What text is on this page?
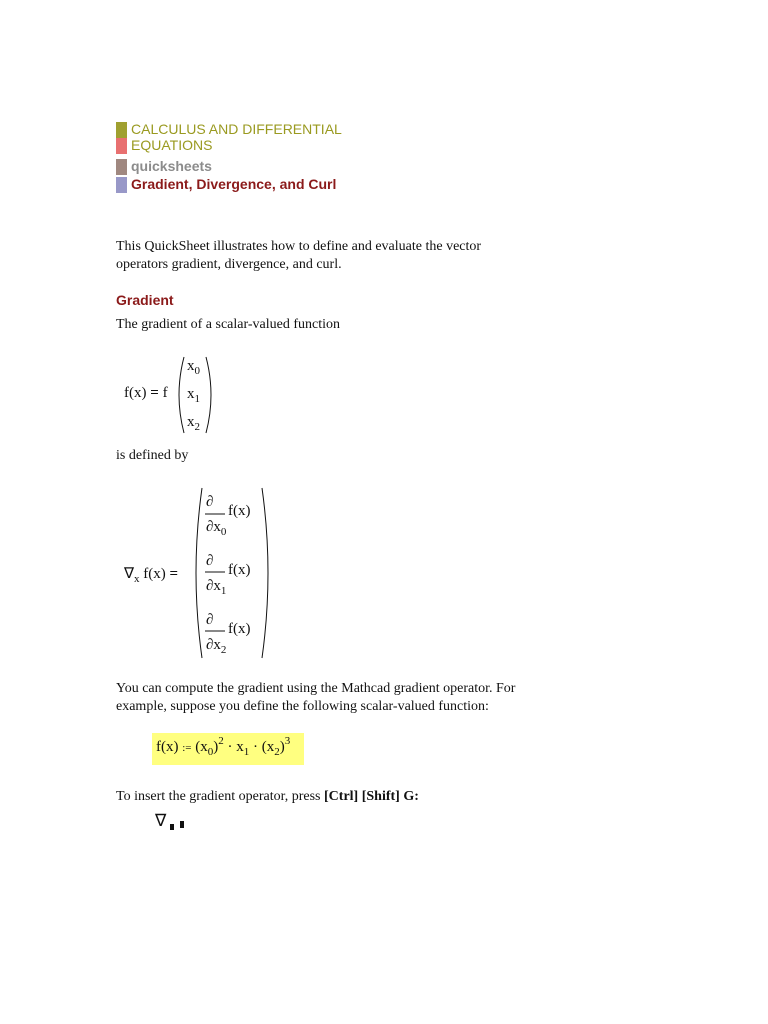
CALCULUS AND DIFFERENTIAL
EQUATIONS
quicksheets
Gradient, Divergence, and Curl
This QuickSheet illustrates how to define and evaluate the vector
operators gradient, divergence, and curl.
Gradient
The gradient of a scalar-valued function
f(x) = f
$x_0$
$x_1$
$x_2$
is defined by
$\nabla_x$ f(x) =
∂
$\partial x_0$
f(x)
∂
$\partial x_1$
f(x)
∂
$\partial x_2$
f(x)
You can compute the gradient using the Mathcad gradient operator. For
example, suppose you define the following scalar-valued function:
f(x) := $(x_0)^2 \cdot x_1 \cdot (x_2)^3$
To insert the gradient operator, press [Ctrl] [Shift] G:
∇
